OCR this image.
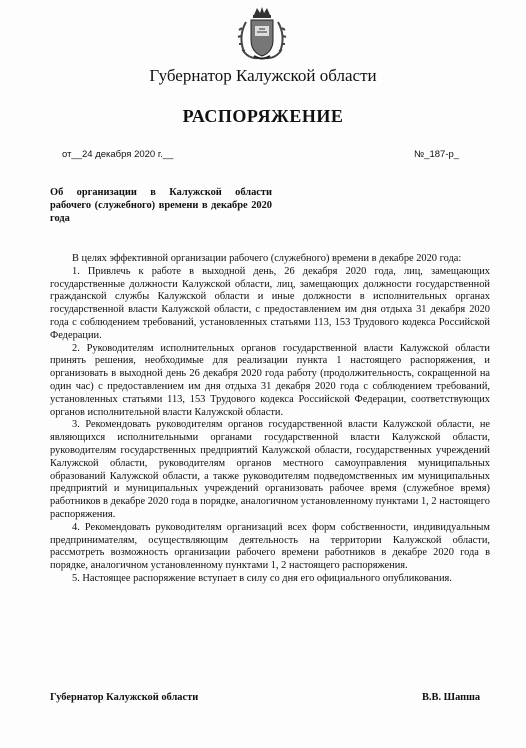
Губернатор Калужской области
РАСПОРЯЖЕНИЕ
от__24 декабря 2020 г.__	№_187-р_
Об организации в Калужской области рабочего (служебного) времени в декабре 2020 года

В целях эффективной организации рабочего (служебного) времени в декабре 2020 года:

1. Привлечь к работе в выходной день, 26 декабря 2020 года, лиц, замещающих государственные должности Калужской области, лиц, замещающих должности государственной гражданской службы Калужской области и иные должности в исполнительных органах государственной власти Калужской области, с предоставлением им дня отдыха 31 декабря 2020 года с соблюдением требований, установленных статьями 113, 153 Трудового кодекса Российской Федерации.

2. Руководителям исполнительных органов государственной власти Калужской области принять решения, необходимые для реализации пункта 1 настоящего распоряжения, и организовать в выходной день 26 декабря 2020 года работу (продолжительность, сокращенной на один час) с предоставлением им дня отдыха 31 декабря 2020 года с соблюдением требований, установленных статьями 113, 153 Трудового кодекса Российской Федерации, соответствующих органов исполнительной власти Калужской области.

3. Рекомендовать руководителям органов государственной власти Калужской области, не являющихся исполнительными органами государственной власти Калужской области, руководителям государственных предприятий Калужской области, государственных учреждений Калужской области, руководителям органов местного самоуправления муниципальных образований Калужской области, а также руководителям подведомственных им муниципальных предприятий и муниципальных учреждений организовать рабочее время (служебное время) работников в декабре 2020 года в порядке, аналогичном установленному пунктами 1, 2 настоящего распоряжения.

4. Рекомендовать руководителям организаций всех форм собственности, индивидуальным предпринимателям, осуществляющим деятельность на территории Калужской области, рассмотреть возможность организации рабочего времени работников в декабре 2020 года в порядке, аналогичном установленному пунктами 1, 2 настоящего распоряжения.

5. Настоящее распоряжение вступает в силу со дня его официального опубликования.

Губернатор Калужской области	В.В. Шапша
